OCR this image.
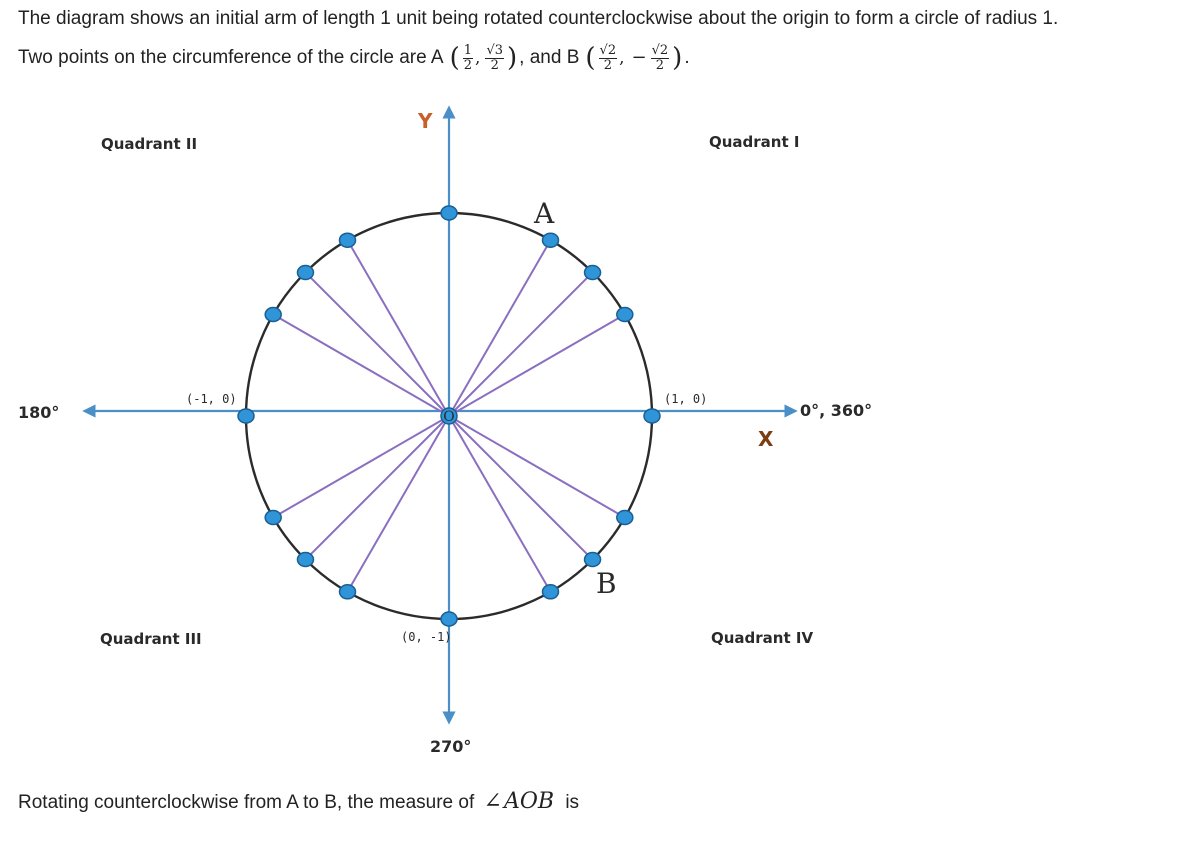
The diagram shows an initial arm of length 1 unit being rotated counterclockwise about the origin to form a circle of radius 1.
Two points on the circumference of the circle are A ( $\frac{1}{2}$ , $\frac{√3}{2}$ ) , and B ( $\frac{√2}{2}$ , − $\frac{√2}{2}$ ) .
O
Quadrant II	Quadrant I
Quadrant III	Quadrant IV
Y
X
180°	0°, 360°
270°
(-1, 0)	(1, 0)
(0, -1)
A
B
Rotating counterclockwise from A to B, the measure of ∠AOB is
